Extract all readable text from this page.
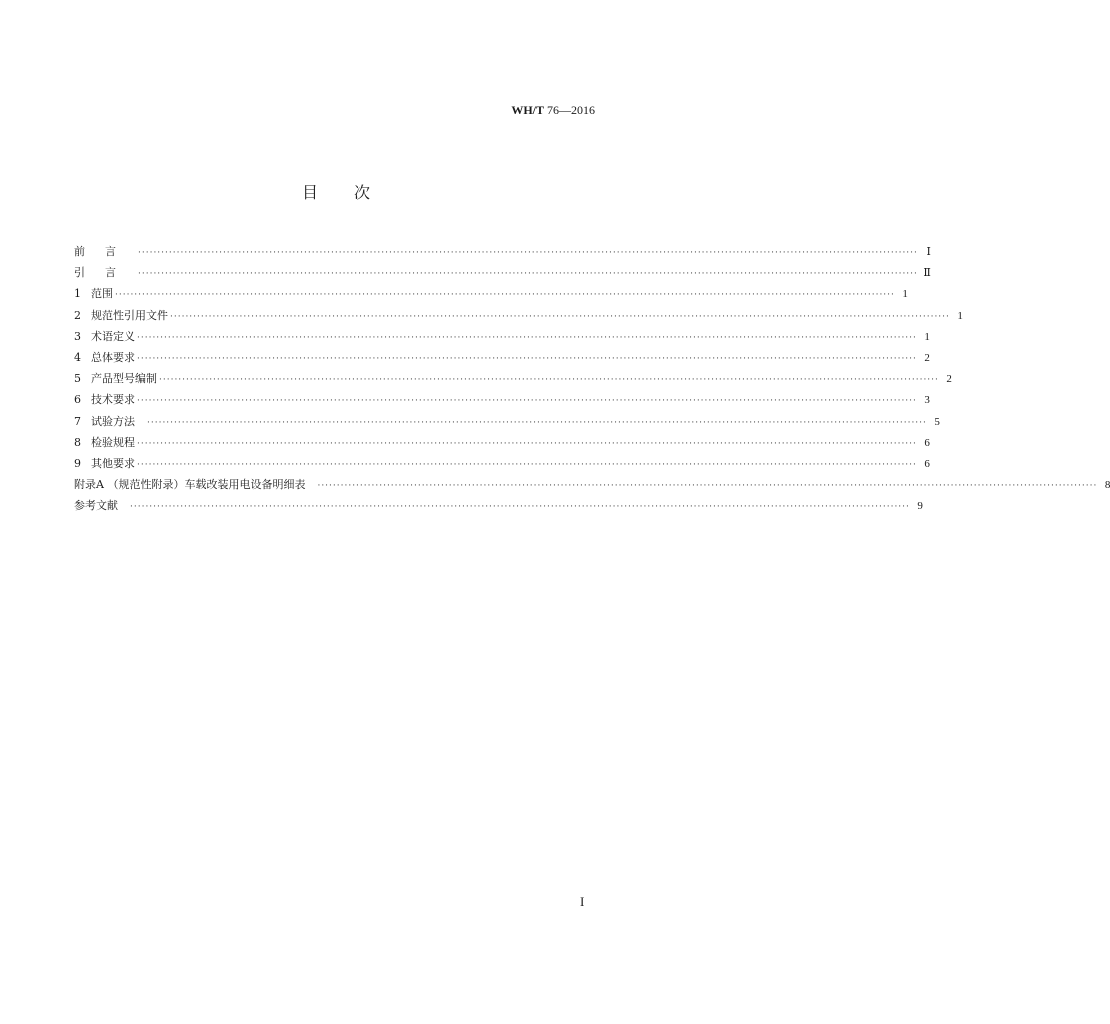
WH/T 76—2016
目次
前言 ·········································································································································································································· Ⅰ
引言 ·········································································································································································································· Ⅱ
1 范围 ·········································································································································································································· 1
2 规范性引用文件 ·········································································································································································································· 1
3 术语定义 ·········································································································································································································· 1
4 总体要求 ·········································································································································································································· 2
5 产品型号编制 ·········································································································································································································· 2
6 技术要求 ·········································································································································································································· 3
7 试验方法 ·········································································································································································································· 5
8 检验规程 ·········································································································································································································· 6
9 其他要求 ·········································································································································································································· 6
附录A （规范性附录）车载改装用电设备明细表 ·········································································································································································································· 8
参考文献 ·········································································································································································································· 9
I
